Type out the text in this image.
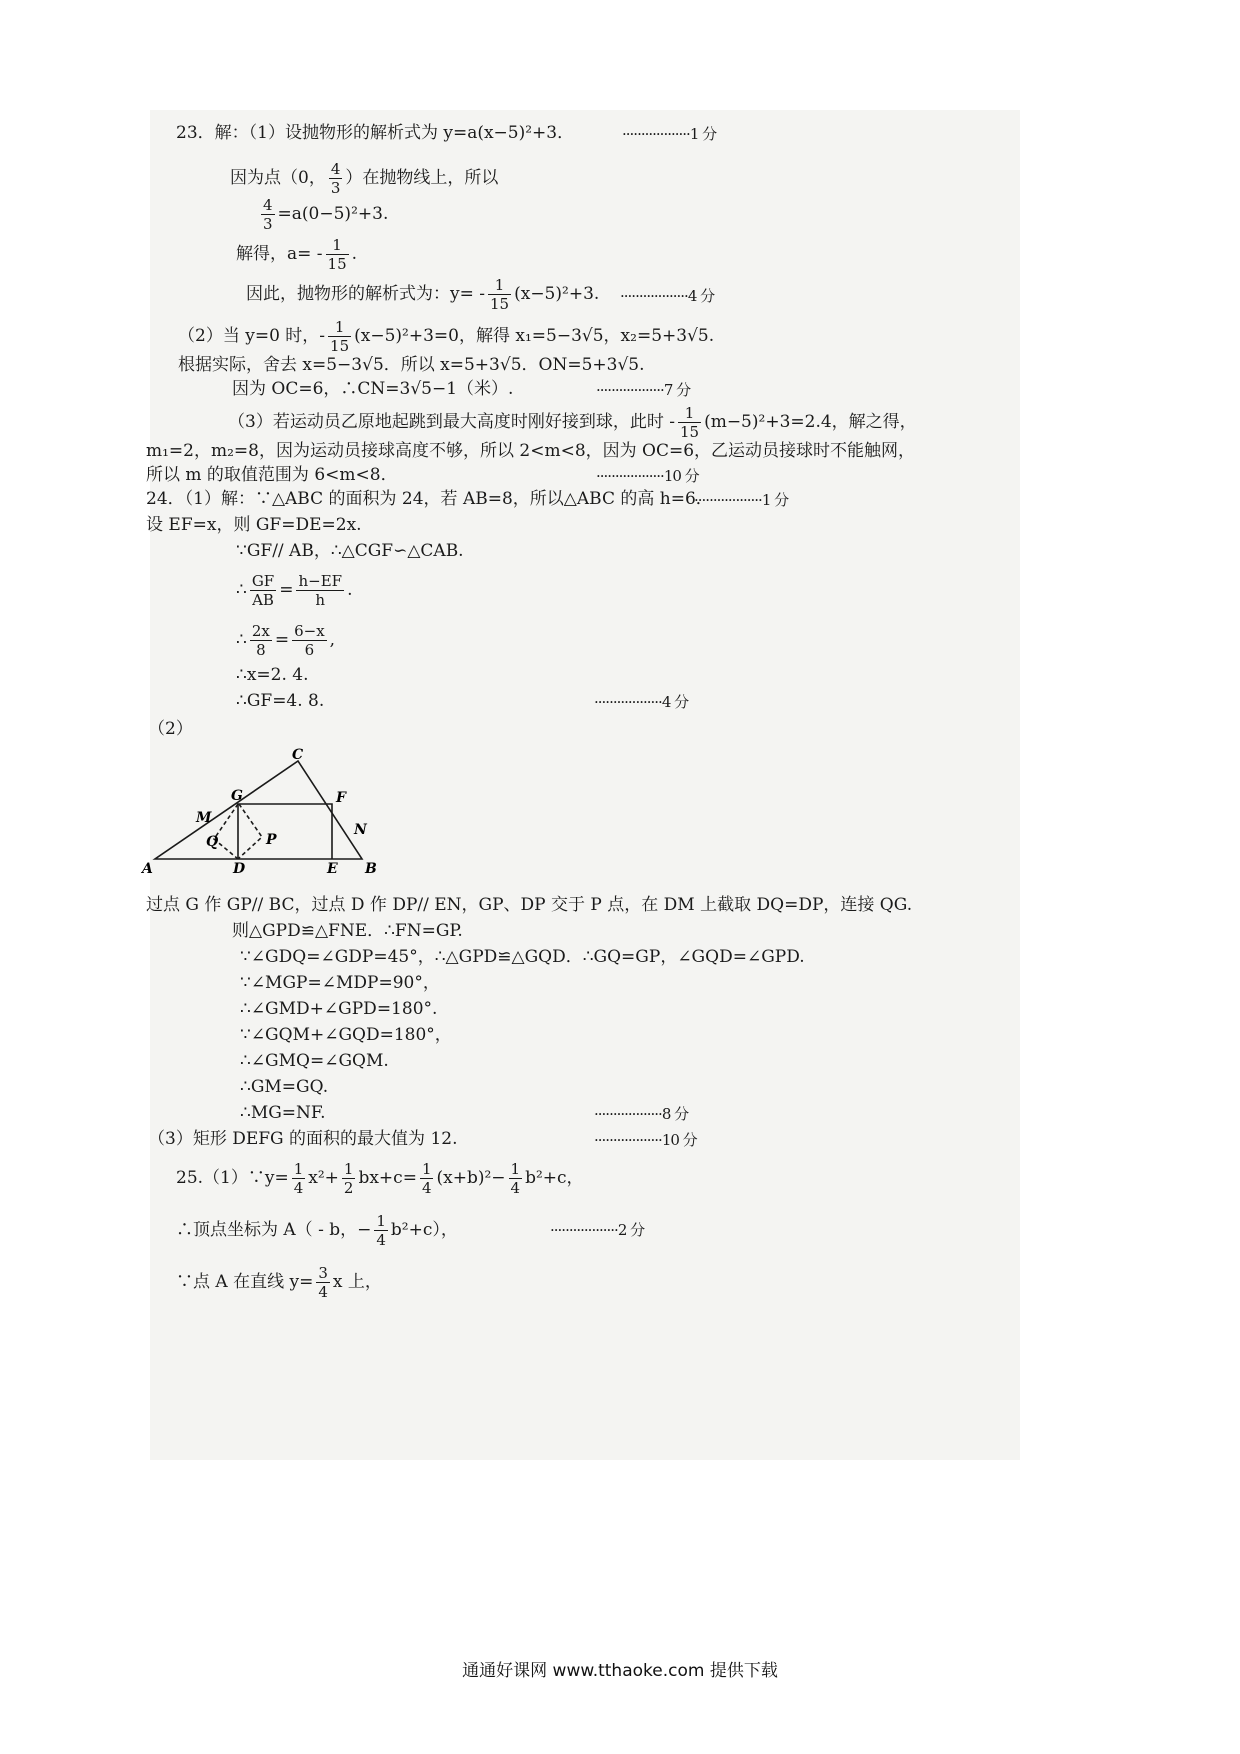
23．解：（1）设抛物形的解析式为 y=a(x−5)²+3．	··················1 分
因为点（0， $\frac{4}{3}$ ）在抛物线上，所以
$\frac{4}{3} =a(0-5)^2+3$.
解得，$a= - \frac{1}{15}$ .
因此，抛物形的解析式为：$y= - \frac{1}{15} (x-5)^2+3$. ··················4 分
（2）当 y=0 时，- $\frac{1}{15} (x-5)^2+3=0$，解得 x₁=5−3√5，x₂=5+3√5.
根据实际，舍去 x=5−3√5．所以 x=5+3√5．ON=5+3√5.
因为 OC=6，∴CN=3√5−1（米）.	··················7 分
（3）若运动员乙原地起跳到最大高度时刚好接到球，此时 - $\frac{1}{15} (m-5)^2+3=2.4$，解之得，
m₁=2，m₂=8，因为运动员接球高度不够，所以 2<m<8，因为 OC=6，乙运动员接球时不能触网，
所以 m 的取值范围为 6<m<8．	··················10 分
24．（1）解：∵△ABC 的面积为 24，若 AB=8，所以△ABC 的高 h=6．
··················1 分
设 EF=x，则 GF=DE=2x.
∵GF// AB，∴△CGF∽△CAB.
∴ $\frac{GF}{AB} = \frac{h-EF}{h}$ .
∴ $\frac{2x}{8} = \frac{6-x}{6}$ ,
∴x=2. 4.
∴GF=4. 8.	··················4 分
（2）
A	B
C
D	E
F
G
M
N
P
Q
过点 G 作 GP// BC，过点 D 作 DP// EN，GP、DP 交于 P 点，在 DM 上截取 DQ=DP，连接 QG.
则△GPD≌△FNE．∴FN=GP.
∵∠GDQ=∠GDP=45°，∴△GPD≌△GQD．∴GQ=GP，∠GQD=∠GPD.
∵∠MGP=∠MDP=90°，
∴∠GMD+∠GPD=180°.
∵∠GQM+∠GQD=180°，
∴∠GMQ=∠GQM.
∴GM=GQ.
∴MG=NF.	··················8 分
（3）矩形 DEFG 的面积的最大值为 12.	··················10 分
25.（1）∵y= $\frac{1}{4} x^2+ \frac{1}{2} bx+c= \frac{1}{4} (x+b)^2- \frac{1}{4} b^2+c$，
∴顶点坐标为 A（ - b，− $\frac{1}{4} b^2+c$），	··················2 分
∵点 A 在直线 $y= \frac{3}{4}$ x 上，
通通好课网 www.tthaoke.com 提供下载
